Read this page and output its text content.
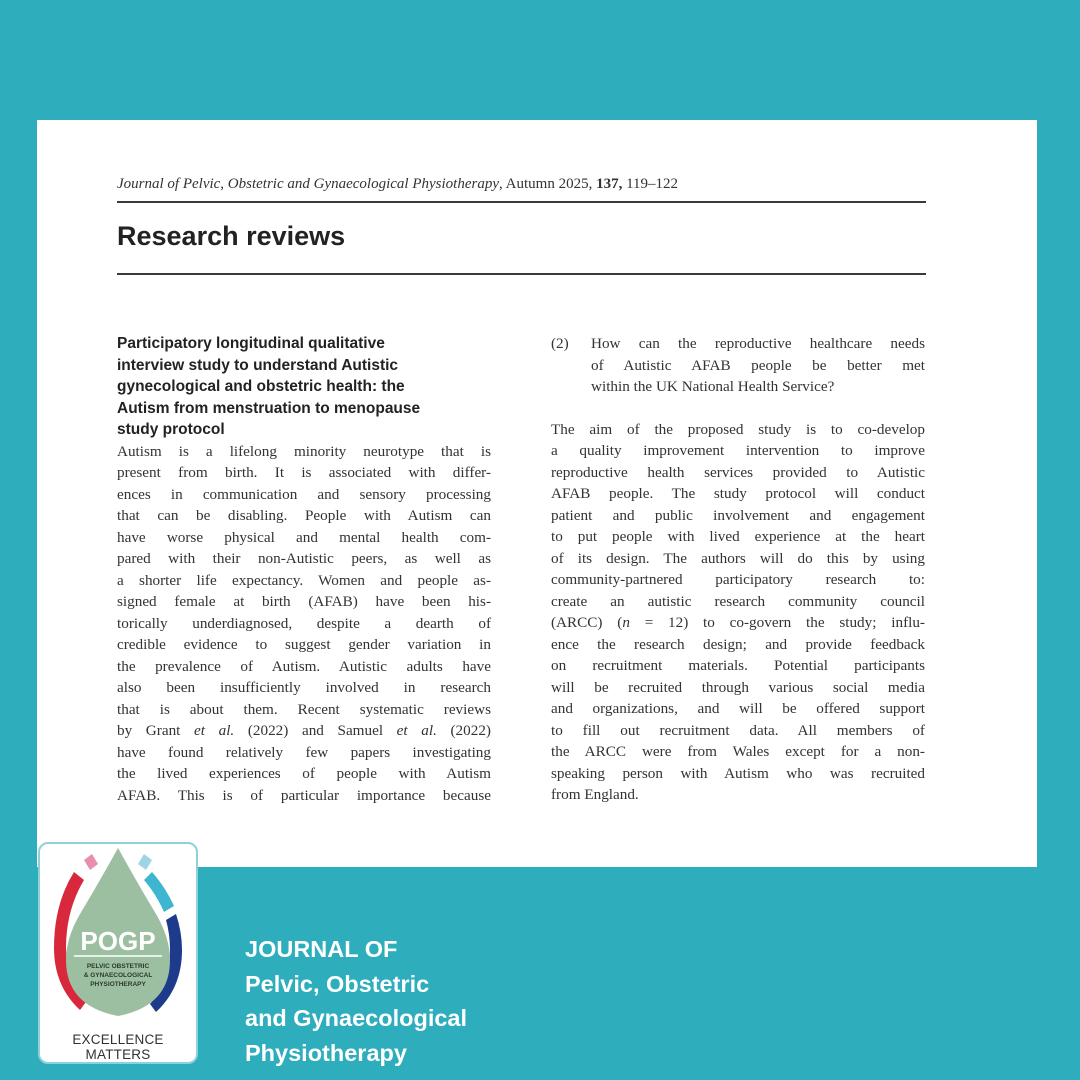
Journal of Pelvic, Obstetric and Gynaecological Physiotherapy, Autumn 2025, 137, 119–122
Research reviews
Participatory longitudinal qualitative
interview study to understand Autistic
gynecological and obstetric health: the
Autism from menstruation to menopause
study protocol
Autism is a lifelong minority neurotype that is
present from birth. It is associated with differ-
ences in communication and sensory processing
that can be disabling. People with Autism can
have worse physical and mental health com-
pared with their non-Autistic peers, as well as
a shorter life expectancy. Women and people as-
signed female at birth (AFAB) have been his-
torically underdiagnosed, despite a dearth of
credible evidence to suggest gender variation in
the prevalence of Autism. Autistic adults have
also been insufficiently involved in research
that is about them. Recent systematic reviews
by Grant et al. (2022) and Samuel et al. (2022)
have found relatively few papers investigating
the lived experiences of people with Autism
AFAB. This is of particular importance because
(2) How can the reproductive healthcare needs
of Autistic AFAB people be better met
within the UK National Health Service?
The aim of the proposed study is to co-develop
a quality improvement intervention to improve
reproductive health services provided to Autistic
AFAB people. The study protocol will conduct
patient and public involvement and engagement
to put people with lived experience at the heart
of its design. The authors will do this by using
community-partnered participatory research to:
create an autistic research community council
(ARCC) (n = 12) to co-govern the study; influ-
ence the research design; and provide feedback
on recruitment materials. Potential participants
will be recruited through various social media
and organizations, and will be offered support
to fill out recruitment data. All members of
the ARCC were from Wales except for a non-
speaking person with Autism who was recruited
from England.
POGP
PELVIC OBSTETRIC
& GYNAECOLOGICAL
PHYSIOTHERAPY
EXCELLENCE
MATTERS
JOURNAL OF
Pelvic, Obstetric
and Gynaecological
Physiotherapy
